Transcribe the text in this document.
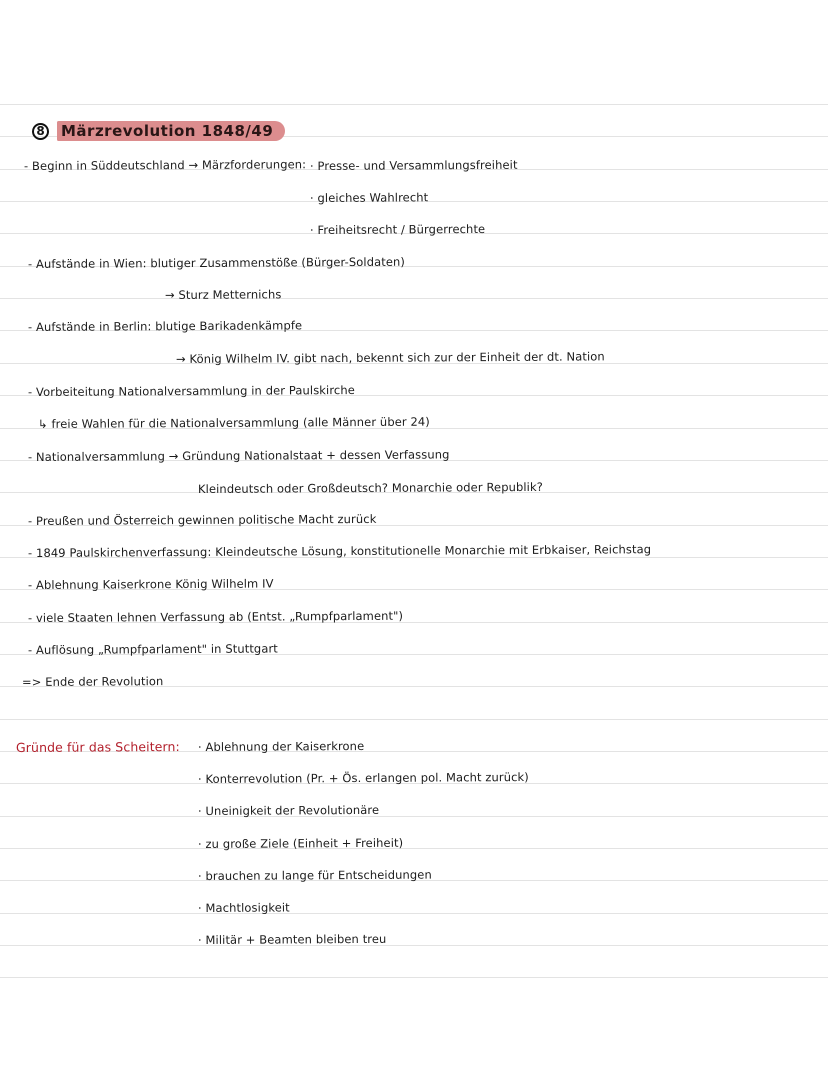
8 Märzrevolution 1848/49
- Beginn in Süddeutschland → Märzforderungen: · Presse- und Versammlungsfreiheit
· gleiches Wahlrecht
· Freiheitsrecht / Bürgerrechte
- Aufstände in Wien: blutiger Zusammenstöße (Bürger-Soldaten)
→ Sturz Metternichs
- Aufstände in Berlin: blutige Barikadenkämpfe
→ König Wilhelm IV. gibt nach, bekennt sich zur der Einheit der dt. Nation
- Vorbeiteitung Nationalversammlung in der Paulskirche
↳ freie Wahlen für die Nationalversammlung (alle Männer über 24)
- Nationalversammlung → Gründung Nationalstaat + dessen Verfassung
Kleindeutsch oder Großdeutsch? Monarchie oder Republik?
- Preußen und Österreich gewinnen politische Macht zurück
- 1849 Paulskirchenverfassung: Kleindeutsche Lösung, konstitutionelle Monarchie mit Erbkaiser, Reichstag
- Ablehnung Kaiserkrone König Wilhelm IV
- viele Staaten lehnen Verfassung ab (Entst. „Rumpfparlament")
- Auflösung „Rumpfparlament" in Stuttgart
=> Ende der Revolution
Gründe für das Scheitern: · Ablehnung der Kaiserkrone
· Konterrevolution (Pr. + Ös. erlangen pol. Macht zurück)
· Uneinigkeit der Revolutionäre
· zu große Ziele (Einheit + Freiheit)
· brauchen zu lange für Entscheidungen
· Machtlosigkeit
· Militär + Beamten bleiben treu
